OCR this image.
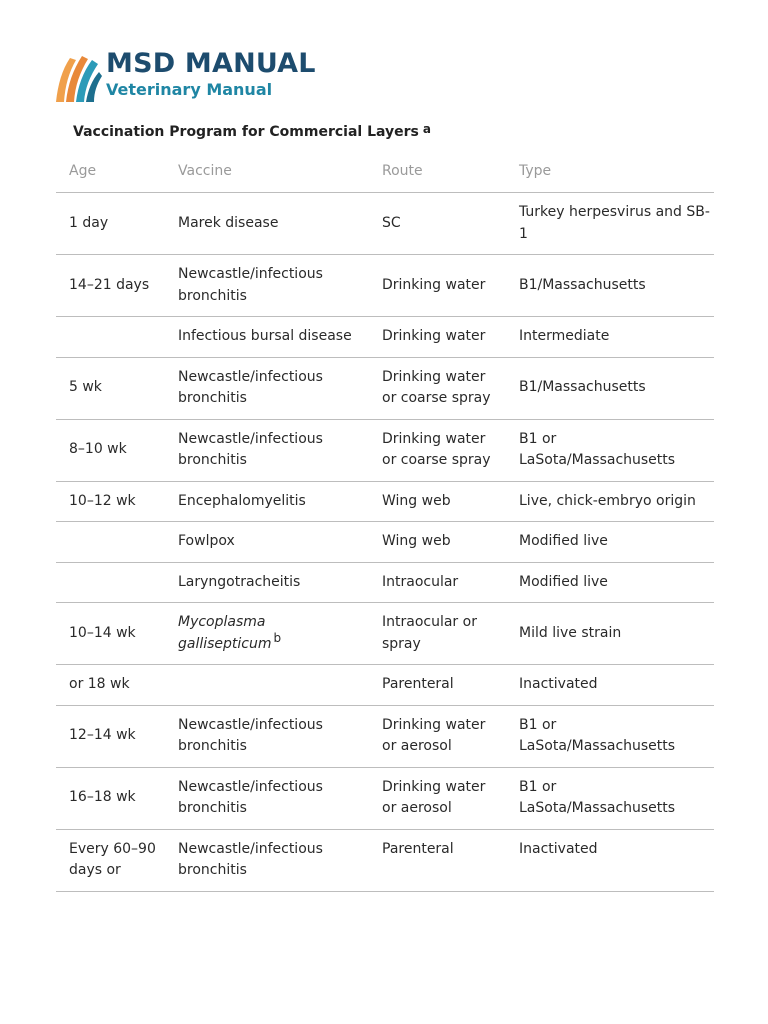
MSD MANUAL
Veterinary Manual
Vaccination Program for Commercial Layers $^a$
Age	Vaccine	Route	Type
1 day	Marek disease	SC	Turkey herpesvirus and SB-1
14–21 days	Newcastle/infectious bronchitis	Drinking water	B1/Massachusetts
	Infectious bursal disease	Drinking water	Intermediate
5 wk	Newcastle/infectious bronchitis	Drinking water or coarse spray	B1/Massachusetts
8–10 wk	Newcastle/infectious bronchitis	Drinking water or coarse spray	B1 or LaSota/Massachusetts
10–12 wk	Encephalomyelitis	Wing web	Live, chick-embryo origin
	Fowlpox	Wing web	Modified live
	Laryngotracheitis	Intraocular	Modified live
10–14 wk	Mycoplasma gallisepticum b	Intraocular or spray	Mild live strain
or 18 wk		Parenteral	Inactivated
12–14 wk	Newcastle/infectious bronchitis	Drinking water or aerosol	B1 or LaSota/Massachusetts
16–18 wk	Newcastle/infectious bronchitis	Drinking water or aerosol	B1 or LaSota/Massachusetts
Every 60–90 days or	Newcastle/infectious bronchitis	Parenteral	Inactivated
